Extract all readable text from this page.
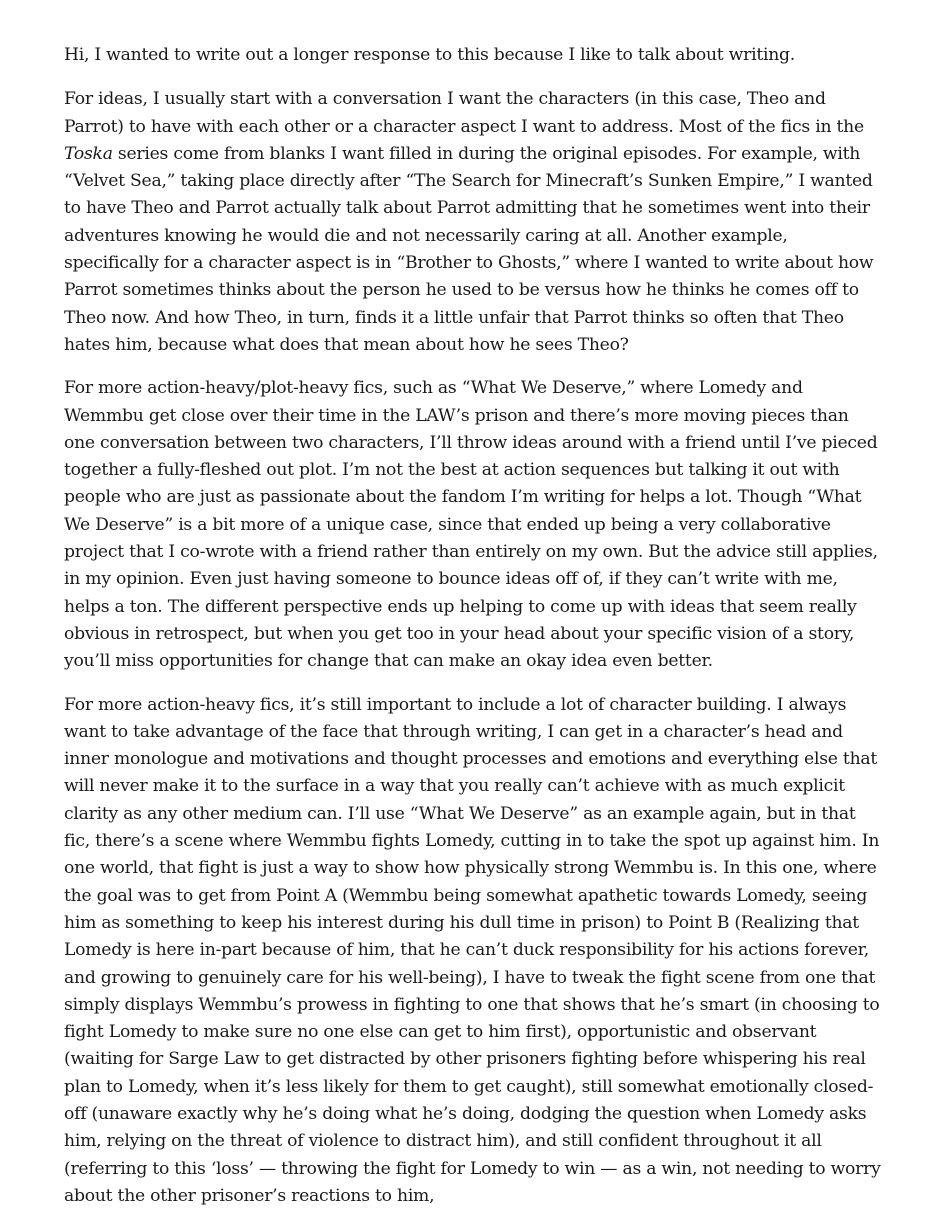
Hi, I wanted to write out a longer response to this because I like to talk about writing.

For ideas, I usually start with a conversation I want the characters (in this case, Theo and Parrot) to have with each other or a character aspect I want to address. Most of the fics in the Toska series come from blanks I want filled in during the original episodes. For example, with “Velvet Sea,” taking place directly after “The Search for Minecraft’s Sunken Empire,” I wanted to have Theo and Parrot actually talk about Parrot admitting that he sometimes went into their adventures knowing he would die and not necessarily caring at all. Another example, specifically for a character aspect is in “Brother to Ghosts,” where I wanted to write about how Parrot sometimes thinks about the person he used to be versus how he thinks he comes off to Theo now. And how Theo, in turn, finds it a little unfair that Parrot thinks so often that Theo hates him, because what does that mean about how he sees Theo?

For more action-heavy/plot-heavy fics, such as “What We Deserve,” where Lomedy and Wemmbu get close over their time in the LAW’s prison and there’s more moving pieces than one conversation between two characters, I’ll throw ideas around with a friend until I’ve pieced together a fully-fleshed out plot. I’m not the best at action sequences but talking it out with people who are just as passionate about the fandom I’m writing for helps a lot. Though “What We Deserve” is a bit more of a unique case, since that ended up being a very collaborative project that I co-wrote with a friend rather than entirely on my own. But the advice still applies, in my opinion. Even just having someone to bounce ideas off of, if they can’t write with me, helps a ton. The different perspective ends up helping to come up with ideas that seem really obvious in retrospect, but when you get too in your head about your specific vision of a story, you’ll miss opportunities for change that can make an okay idea even better.

For more action-heavy fics, it’s still important to include a lot of character building. I always want to take advantage of the face that through writing, I can get in a character’s head and inner monologue and motivations and thought processes and emotions and everything else that will never make it to the surface in a way that you really can’t achieve with as much explicit clarity as any other medium can. I’ll use “What We Deserve” as an example again, but in that fic, there’s a scene where Wemmbu fights Lomedy, cutting in to take the spot up against him. In one world, that fight is just a way to show how physically strong Wemmbu is. In this one, where the goal was to get from Point A (Wemmbu being somewhat apathetic towards Lomedy, seeing him as something to keep his interest during his dull time in prison) to Point B (Realizing that Lomedy is here in-part because of him, that he can’t duck responsibility for his actions forever, and growing to genuinely care for his well-being), I have to tweak the fight scene from one that simply displays Wemmbu’s prowess in fighting to one that shows that he’s smart (in choosing to fight Lomedy to make sure no one else can get to him first), opportunistic and observant (waiting for Sarge Law to get distracted by other prisoners fighting before whispering his real plan to Lomedy, when it’s less likely for them to get caught), still somewhat emotionally closed-off (unaware exactly why he’s doing what he’s doing, dodging the question when Lomedy asks him, relying on the threat of violence to distract him), and still confident throughout it all (referring to this ‘loss’ — throwing the fight for Lomedy to win — as a win, not needing to worry about the other prisoner’s reactions to him,
